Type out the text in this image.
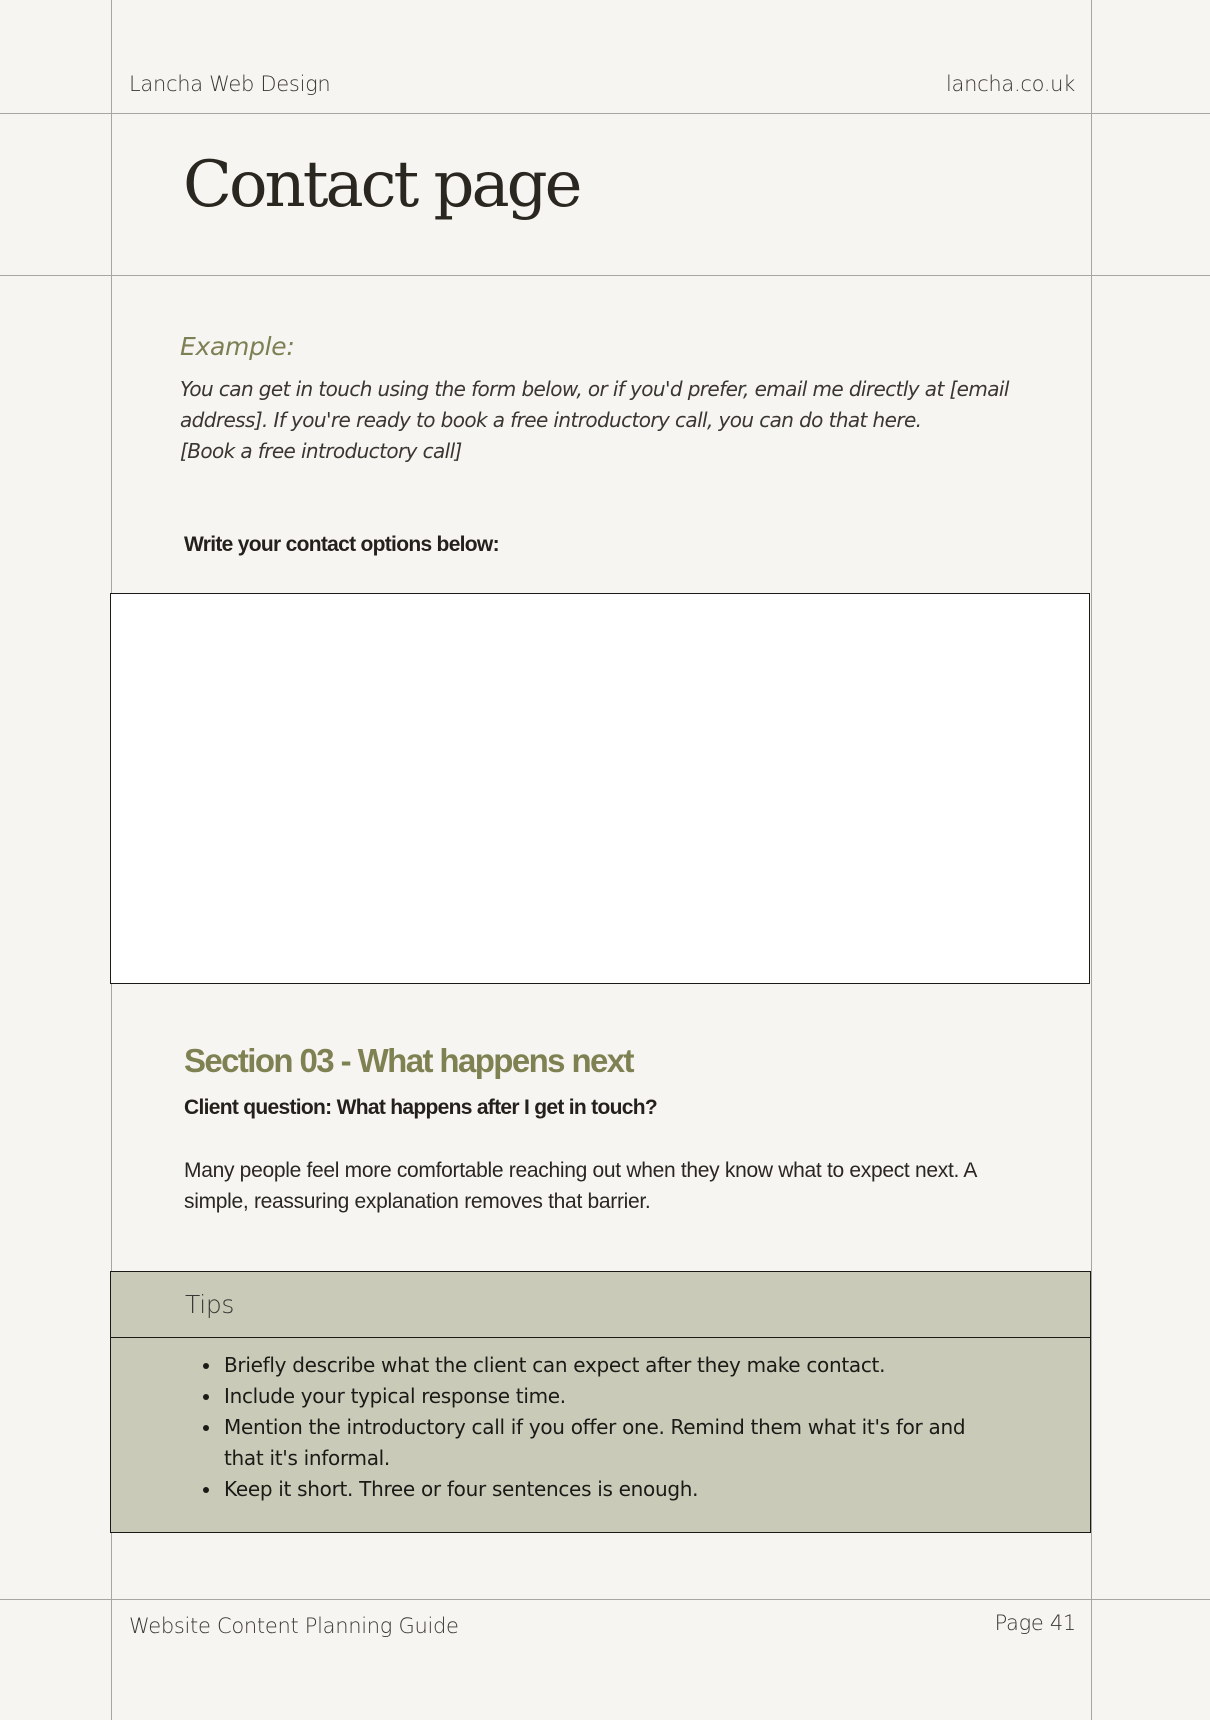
Lancha Web Design	lancha.co.uk
Contact page
Example:
You can get in touch using the form below, or if you'd prefer, email me directly at [email address]. If you're ready to book a free introductory call, you can do that here.
[Book a free introductory call]
Write your contact options below:
Section 03 - What happens next
Client question: What happens after I get in touch?
Many people feel more comfortable reaching out when they know what to expect next. A simple, reassuring explanation removes that barrier.
Tips
Briefly describe what the client can expect after they make contact.
Include your typical response time.
Mention the introductory call if you offer one. Remind them what it's for and that it's informal.
Keep it short. Three or four sentences is enough.
Website Content Planning Guide	Page 41
